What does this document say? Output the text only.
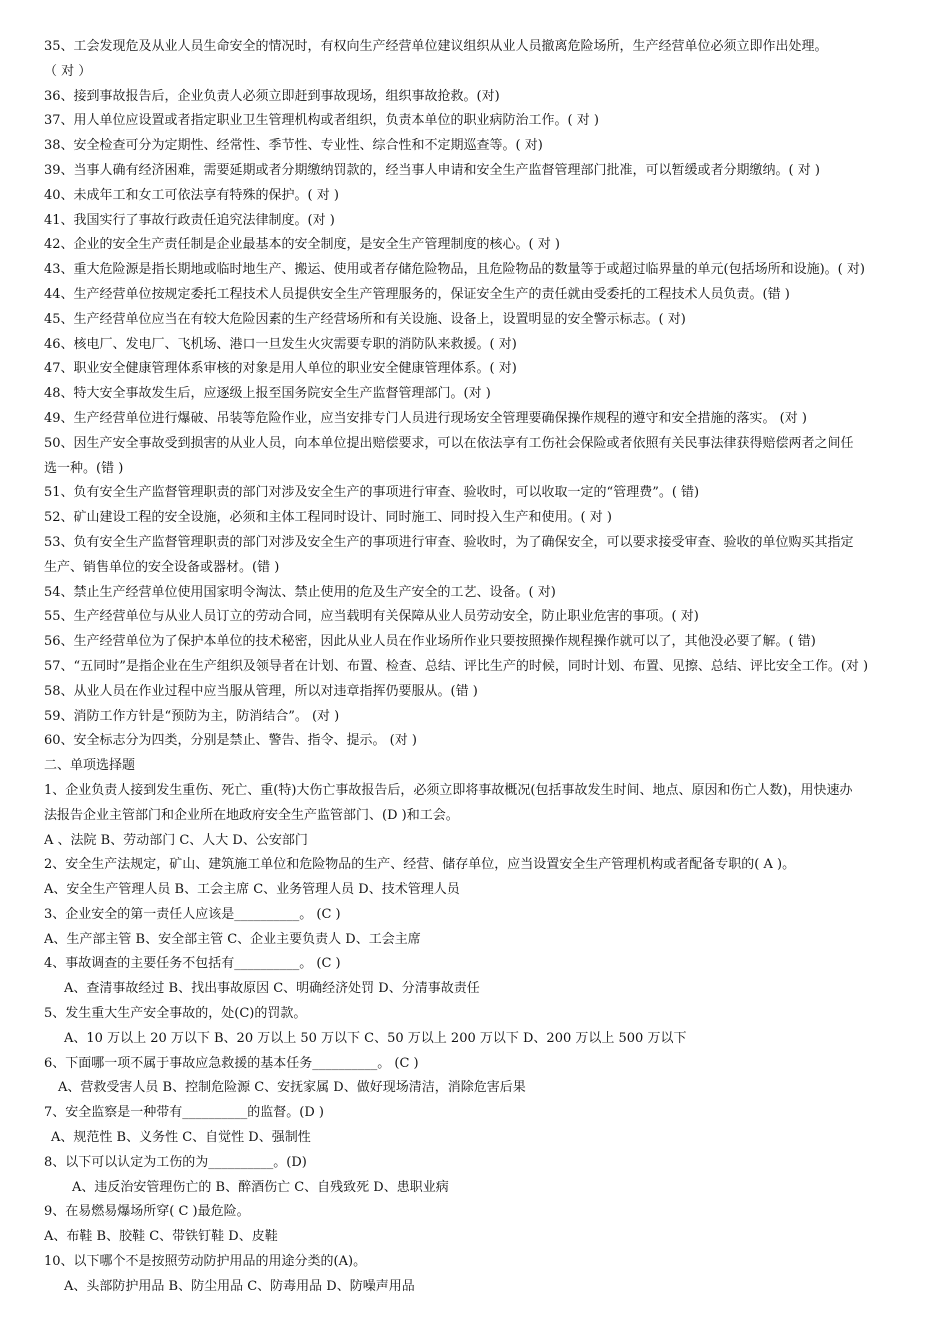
35、工会发现危及从业人员生命安全的情况时，有权向生产经营单位建议组织从业人员撤离危险场所，生产经营单位必须立即作出处理。
（ 对 ）
36、接到事故报告后，企业负责人必须立即赶到事故现场，组织事故抢救。(对)
37、用人单位应设置或者指定职业卫生管理机构或者组织，负责本单位的职业病防治工作。( 对 )
38、安全检查可分为定期性、经常性、季节性、专业性、综合性和不定期巡查等。( 对)
39、当事人确有经济困难，需要延期或者分期缴纳罚款的，经当事人申请和安全生产监督管理部门批准，可以暂缓或者分期缴纳。( 对 )
40、未成年工和女工可依法享有特殊的保护。( 对 )
41、我国实行了事故行政责任追究法律制度。(对 )
42、企业的安全生产责任制是企业最基本的安全制度，是安全生产管理制度的核心。( 对 )
43、重大危险源是指长期地或临时地生产、搬运、使用或者存储危险物品，且危险物品的数量等于或超过临界量的单元(包括场所和设施)。( 对)
44、生产经营单位按规定委托工程技术人员提供安全生产管理服务的，保证安全生产的责任就由受委托的工程技术人员负责。(错 )
45、生产经营单位应当在有较大危险因素的生产经营场所和有关设施、设备上，设置明显的安全警示标志。( 对)
46、核电厂、发电厂、飞机场、港口一旦发生火灾需要专职的消防队来救援。( 对)
47、职业安全健康管理体系审核的对象是用人单位的职业安全健康管理体系。( 对)
48、特大安全事故发生后，应逐级上报至国务院安全生产监督管理部门。(对 )
49、生产经营单位进行爆破、吊装等危险作业，应当安排专门人员进行现场安全管理要确保操作规程的遵守和安全措施的落实。 (对 )
50、因生产安全事故受到损害的从业人员，向本单位提出赔偿要求，可以在依法享有工伤社会保险或者依照有关民事法律获得赔偿两者之间任
选一种。(错 )
51、负有安全生产监督管理职责的部门对涉及安全生产的事项进行审查、验收时，可以收取一定的“管理费”。( 错)
52、矿山建设工程的安全设施，必须和主体工程同时设计、同时施工、同时投入生产和使用。( 对 )
53、负有安全生产监督管理职责的部门对涉及安全生产的事项进行审查、验收时，为了确保安全，可以要求接受审查、验收的单位购买其指定
生产、销售单位的安全设备或器材。(错 )
54、禁止生产经营单位使用国家明令淘汰、禁止使用的危及生产安全的工艺、设备。( 对)
55、生产经营单位与从业人员订立的劳动合同，应当载明有关保障从业人员劳动安全，防止职业危害的事项。( 对)
56、生产经营单位为了保护本单位的技术秘密，因此从业人员在作业场所作业只要按照操作规程操作就可以了，其他没必要了解。( 错)
57、“五同时”是指企业在生产组织及领导者在计划、布置、检查、总结、评比生产的时候，同时计划、布置、见擦、总结、评比安全工作。(对 )
58、从业人员在作业过程中应当服从管理，所以对违章指挥仍要服从。(错 )
59、消防工作方针是“预防为主，防消结合”。 (对 )
60、安全标志分为四类，分别是禁止、警告、指令、提示。 (对 )
二、单项选择题
1、企业负责人接到发生重伤、死亡、重(特)大伤亡事故报告后，必须立即将事故概况(包括事故发生时间、地点、原因和伤亡人数)，用快速办
法报告企业主管部门和企业所在地政府安全生产监管部门、(D )和工会。
A 、法院 B、劳动部门 C、人大 D、公安部门
2、安全生产法规定，矿山、建筑施工单位和危险物品的生产、经营、储存单位，应当设置安全生产管理机构或者配备专职的( A )。
A、安全生产管理人员 B、工会主席 C、业务管理人员 D、技术管理人员
3、企业安全的第一责任人应该是__________。 (C )
A、生产部主管 B、安全部主管 C、企业主要负责人 D、工会主席
4、事故调查的主要任务不包括有__________。 (C )
A、查清事故经过 B、找出事故原因 C、明确经济处罚 D、分清事故责任
5、发生重大生产安全事故的，处(C)的罚款。
A、10 万以上 20 万以下 B、20 万以上 50 万以下 C、50 万以上 200 万以下 D、200 万以上 500 万以下
6、下面哪一项不属于事故应急救援的基本任务__________。 (C )
A、营救受害人员 B、控制危险源 C、安抚家属 D、做好现场清洁，消除危害后果
7、安全监察是一种带有__________的监督。(D )
A、规范性 B、义务性 C、自觉性 D、强制性
8、以下可以认定为工伤的为__________。(D)
A、违反治安管理伤亡的 B、醉酒伤亡 C、自残致死 D、患职业病
9、在易燃易爆场所穿( C )最危险。
A、布鞋 B、胶鞋 C、带铁钉鞋 D、皮鞋
10、以下哪个不是按照劳动防护用品的用途分类的(A)。
A、头部防护用品 B、防尘用品 C、防毒用品 D、防噪声用品
